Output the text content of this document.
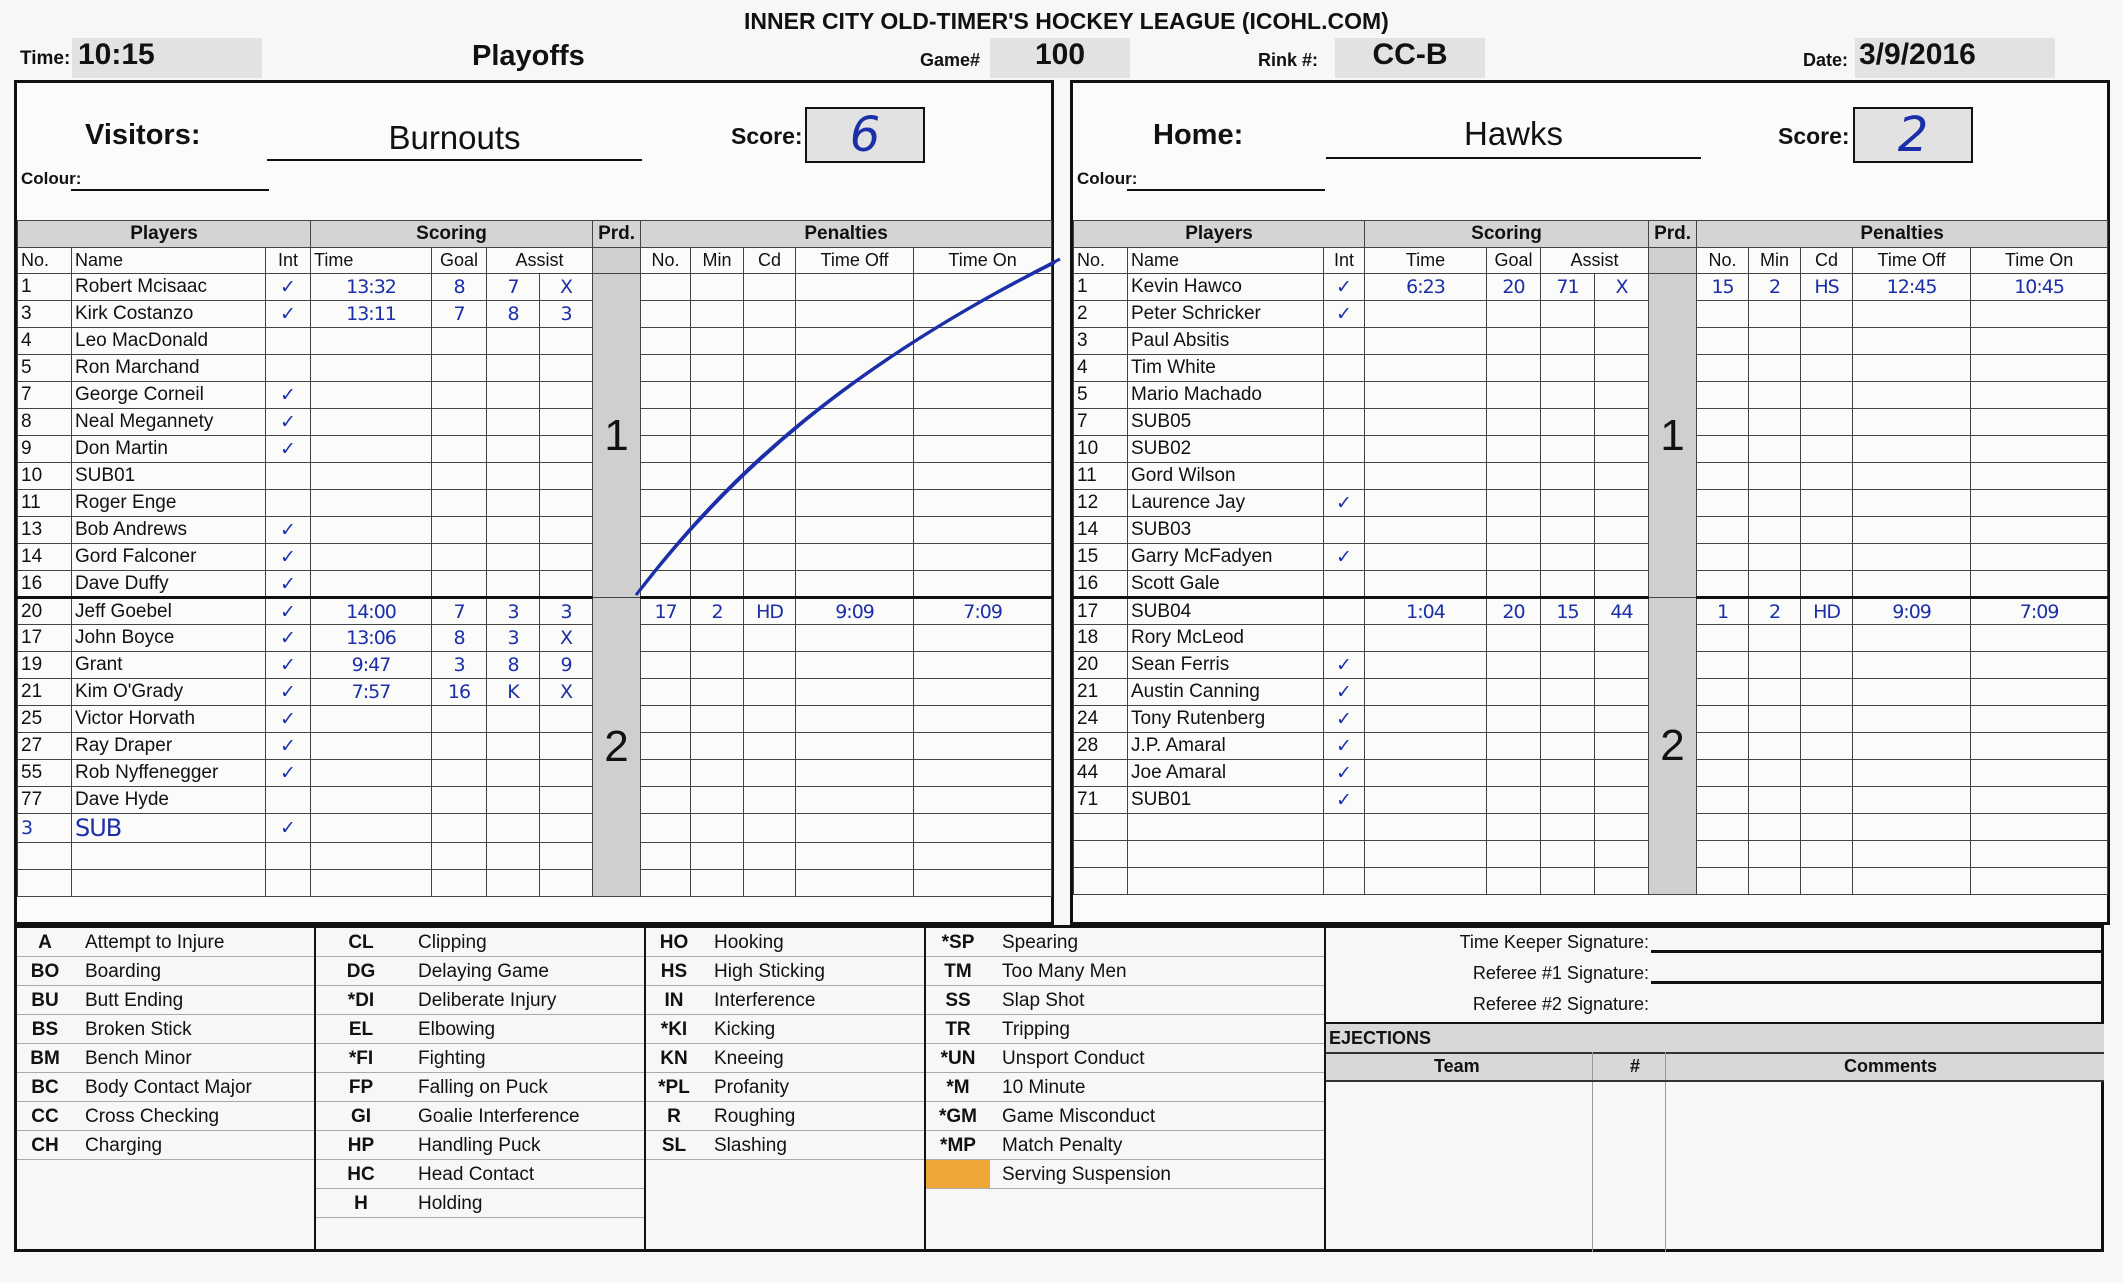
INNER CITY OLD-TIMER'S HOCKEY LEAGUE (ICOHL.COM)
Time: 10:15	Playoffs	Game#	100	Rink #:	CC-B	Date: 3/9/2016
Visitors:	Burnouts	Score: 6
Colour:
Home:	Hawks	Score:	2
Colour:
Players			Scoring				Prd.	Penalties				
No.	Name	Int	Time	Goal	Assist			No.	Min	Cd	Time Off	Time On
1	Robert Mcisaac	✓	13:32	8	7	X	1					
3	Kirk Costanzo	✓	13:11	7	8	3						
4	Leo MacDonald											
5	Ron Marchand											
7	George Corneil	✓										
8	Neal Megannety	✓										
9	Don Martin	✓										
10	SUB01											
11	Roger Enge											
13	Bob Andrews	✓										
14	Gord Falconer	✓										
16	Dave Duffy	✓										
20	Jeff Goebel	✓	14:00	7	3	3	2	17	2	HD	9:09	7:09
17	John Boyce	✓	13:06	8	3	X						
19	Grant	✓	9:47	3	8	9						
21	Kim O'Grady	✓	7:57	16	K	X						
25	Victor Horvath	✓										
27	Ray Draper	✓										
55	Rob Nyffenegger	✓										
77	Dave Hyde											
3	SUB	✓										

Players			Scoring				Prd.	Penalties				
No.	Name	Int	Time	Goal	Assist			No.	Min	Cd	Time Off	Time On
1	Kevin Hawco	✓	6:23	20	71	X	1	15	2	HS	12:45	10:45
2	Peter Schricker	✓										
3	Paul Absitis											
4	Tim White											
5	Mario Machado											
7	SUB05											
10	SUB02											
11	Gord Wilson											
12	Laurence Jay	✓										
14	SUB03											
15	Garry McFadyen	✓										
16	Scott Gale											
17	SUB04		1:04	20	15	44	2	1	2	HD	9:09	7:09
18	Rory McLeod											
20	Sean Ferris	✓										
21	Austin Canning	✓										
24	Tony Rutenberg	✓										
28	J.P. Amaral	✓										
44	Joe Amaral	✓										
71	SUB01	✓										

A	Attempt to Injure
BO	Boarding
BU	Butt Ending
BS	Broken Stick
BM	Bench Minor
BC	Body Contact Major
CC	Cross Checking
CH	Charging
CL	Clipping
DG	Delaying Game
*DI	Deliberate Injury
EL	Elbowing
*FI	Fighting
FP	Falling on Puck
GI	Goalie Interference
HP	Handling Puck
HC	Head Contact
H	Holding
HO	Hooking
HS	High Sticking
IN	Interference
*KI	Kicking
KN	Kneeing
*PL	Profanity
R	Roughing
SL	Slashing
*SP	Spearing
TM	Too Many Men
SS	Slap Shot
TR	Tripping
*UN	Unsport Conduct
*M	10 Minute
*GM	Game Misconduct
*MP	Match Penalty
Serving Suspension
Time Keeper Signature:
Referee #1 Signature:
Referee #2 Signature:
EJECTIONS
Team	#	Comments
